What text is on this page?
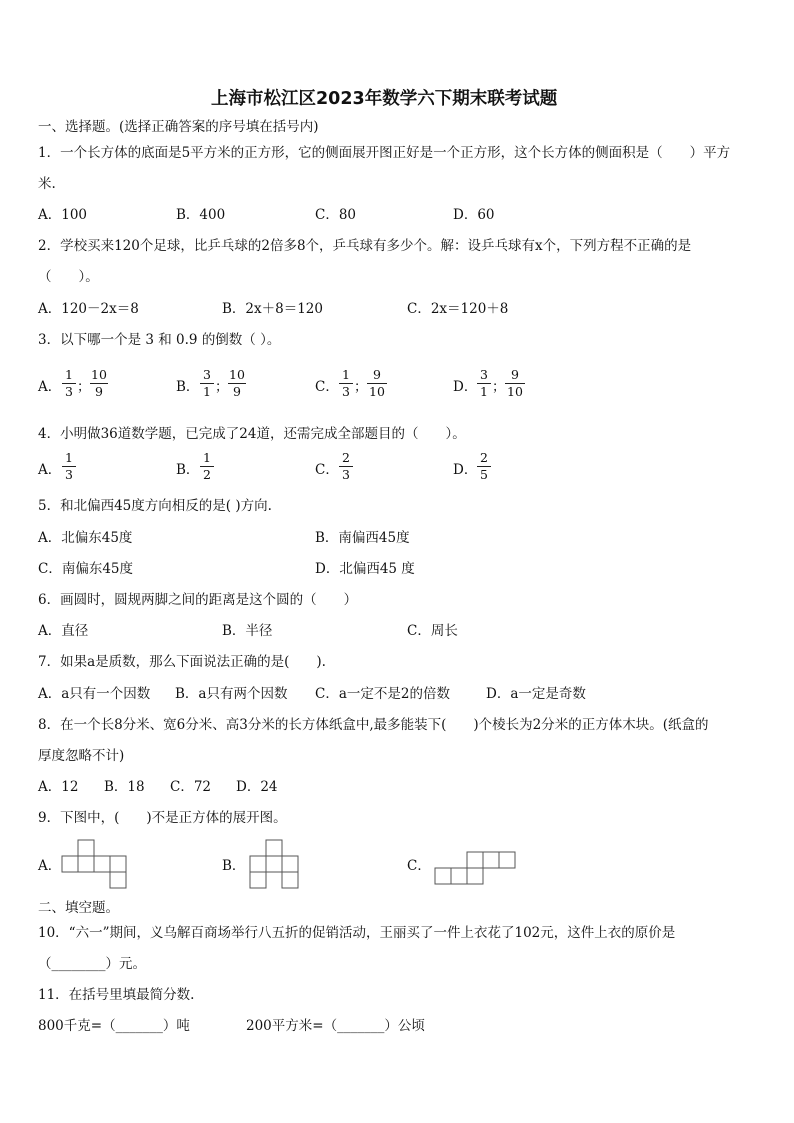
上海市松江区2023年数学六下期末联考试题
一、选择题。(选择正确答案的序号填在括号内)
1．一个长方体的底面是5平方米的正方形，它的侧面展开图正好是一个正方形，这个长方体的侧面积是（　　）平方
米.
A．100	B．400	C．80	D．60
2．学校买来120个足球，比乒乓球的2倍多8个，乒乓球有多少个。解：设乒乓球有x个，下列方程不正确的是
（　　）。
A．120－2x＝8	B．2x＋8＝120	C．2x＝120＋8
3．以下哪一个是 3 和 0.9 的倒数（ ）。
A．
1
3 ；
10
9	B．
3
1 ；
10
9	C．
1
3 ；
9
10	D．
3
1 ；
9
10
4．小明做36道数学题，已完成了24道，还需完成全部题目的（　　）。
A．
1
3	B．
1
2	C．
2
3	D．
2
5
5．和北偏西45度方向相反的是( )方向.
A．北偏东45度	B．南偏西45度
C．南偏东45度	D．北偏西45 度
6．画圆时，圆规两脚之间的距离是这个圆的（　　）
A．直径	B．半径	C．周长
7．如果a是质数，那么下面说法正确的是(　　).
A．a只有一个因数 B．a只有两个因数 C．a一定不是2的倍数	D．a一定是奇数
8．在一个长8分米、宽6分米、高3分米的长方体纸盒中,最多能装下(　　)个棱长为2分米的正方体木块。(纸盒的
厚度忽略不计)
A．12 B．18 C．72 D．24
9．下图中，(　　)不是正方体的展开图。
A．	B．	C．
二、填空题。
10．“六一”期间，义乌解百商场举行八五折的促销活动，王丽买了一件上衣花了102元，这件上衣的原价是
（________）元。
11．在括号里填最简分数.
800千克=（_______）吨	200平方米=（_______）公顷
